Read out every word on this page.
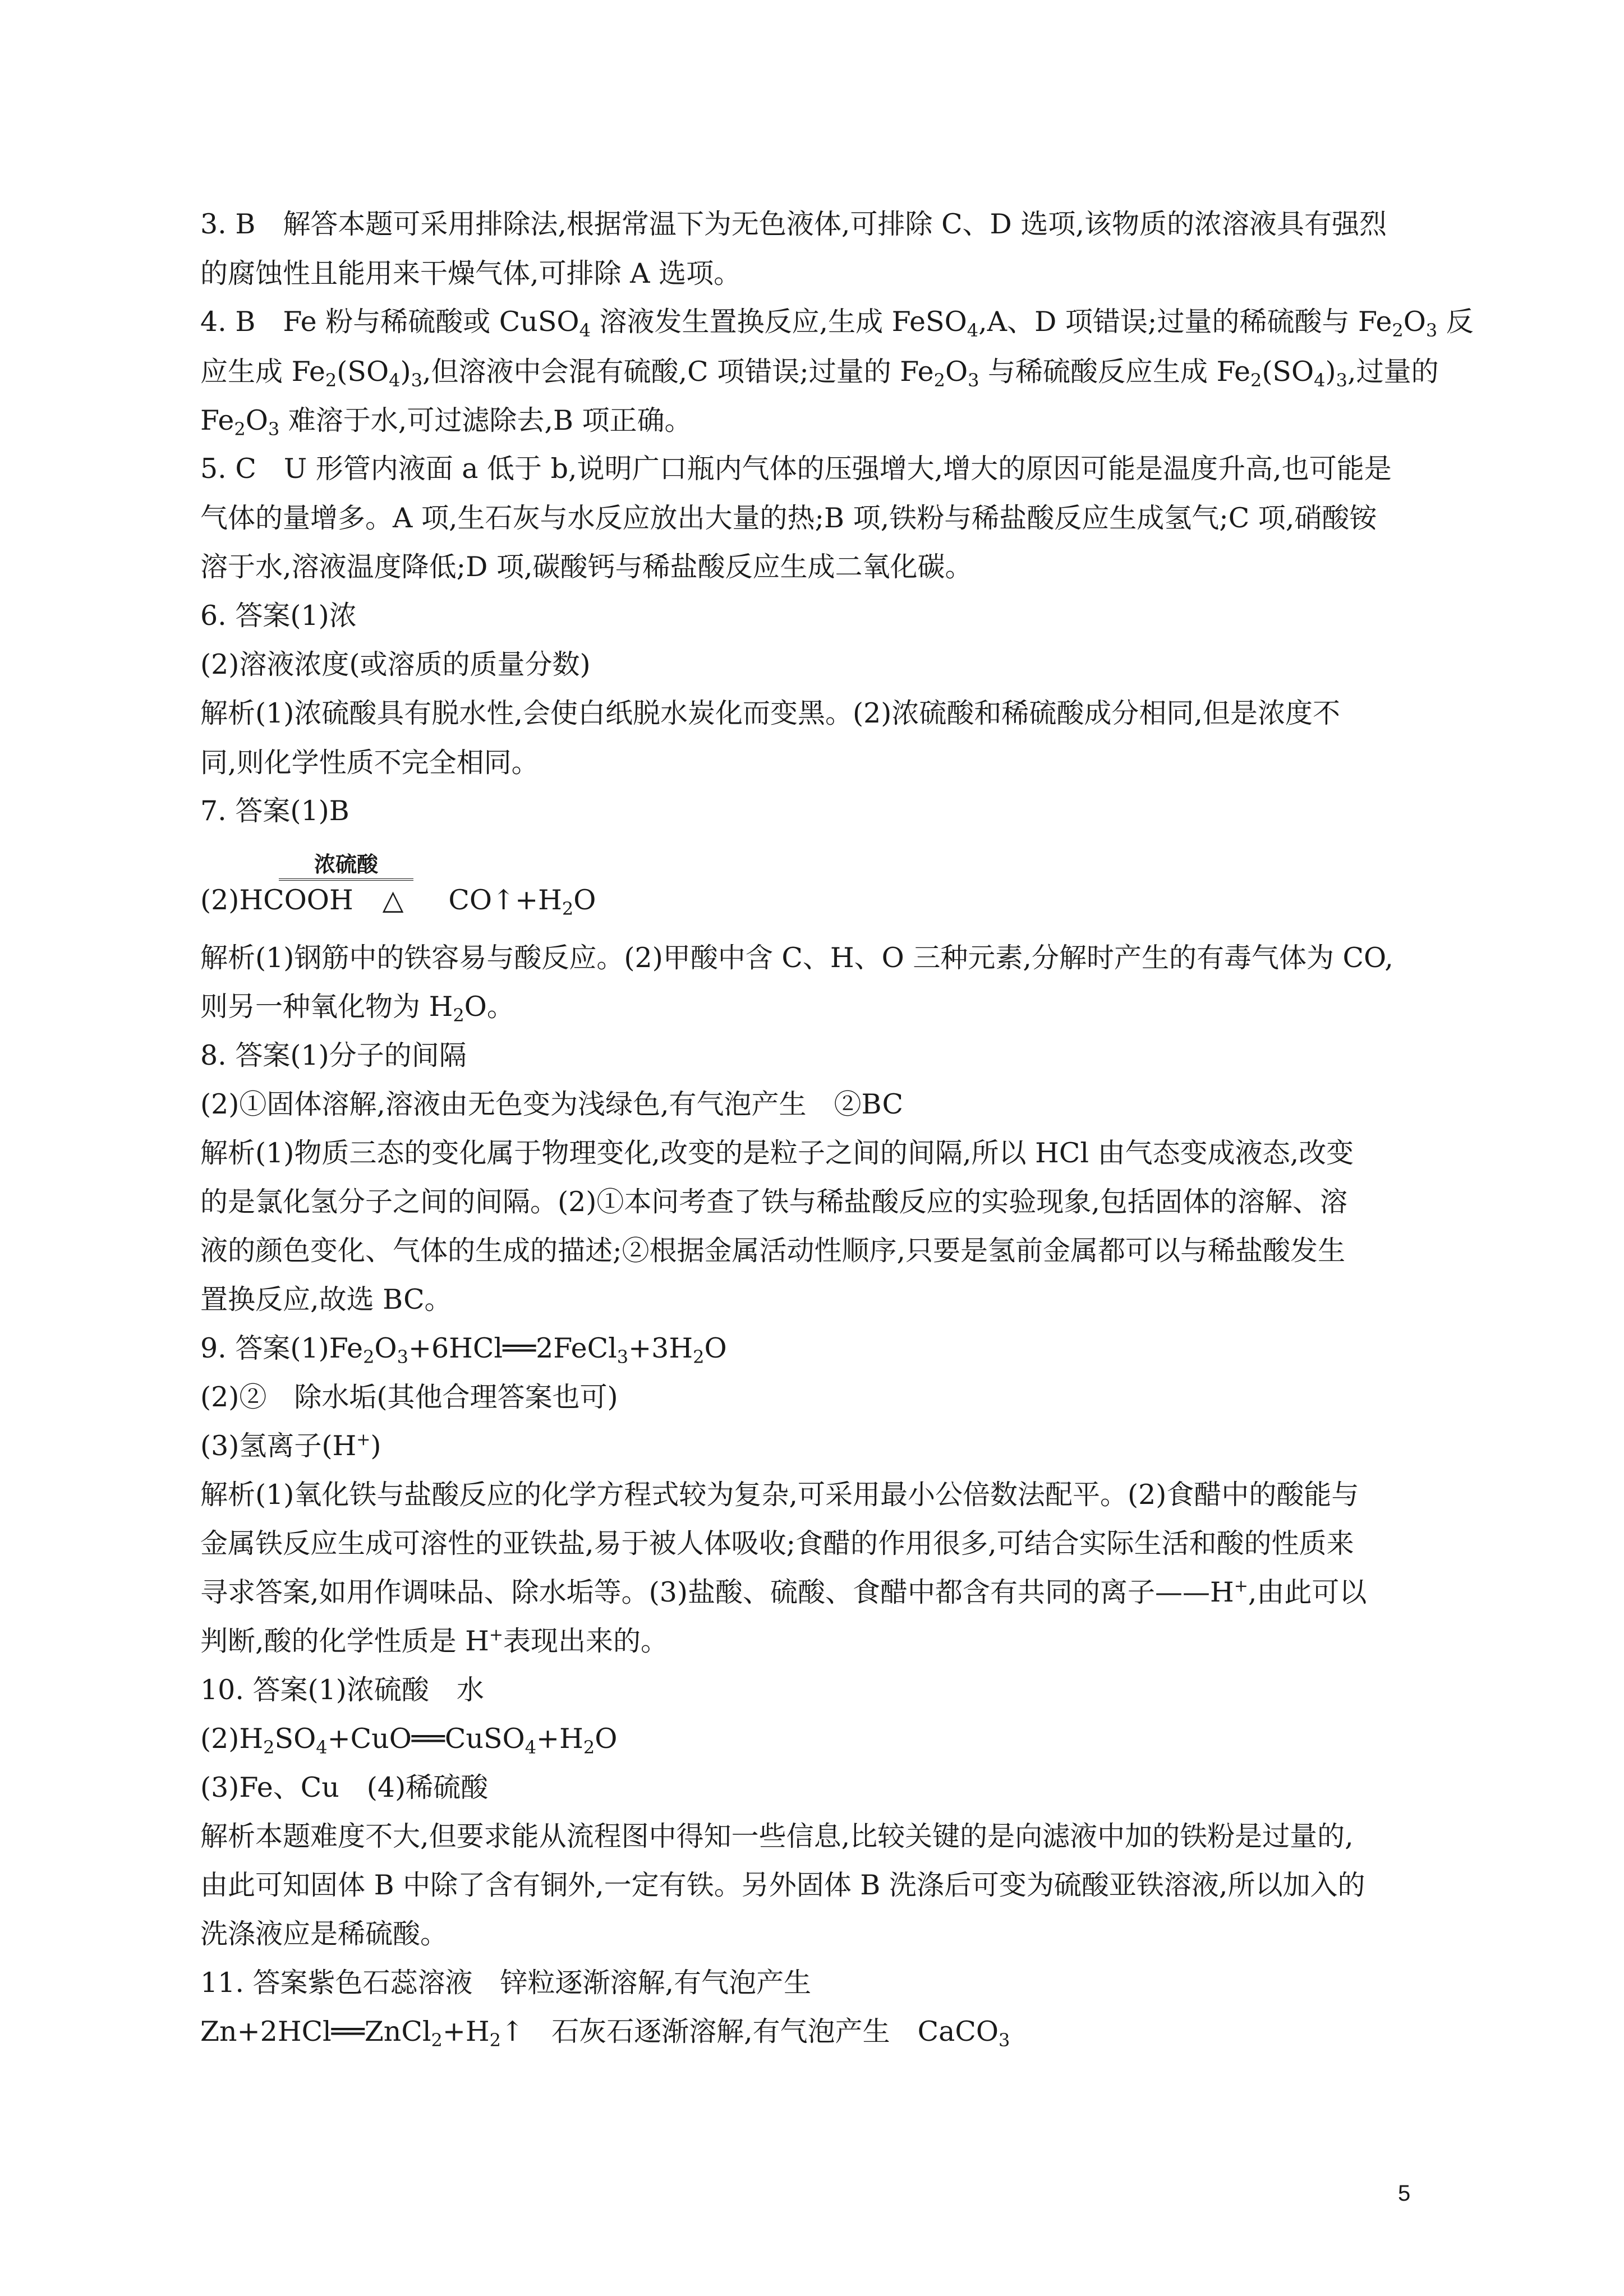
3. B　解答本题可采用排除法,根据常温下为无色液体,可排除 C、D 选项,该物质的浓溶液具有强烈
的腐蚀性且能用来干燥气体,可排除 A 选项。
4. B　Fe 粉与稀硫酸或 CuSO$_4$ 溶液发生置换反应,生成 FeSO$_4$,A、D 项错误;过量的稀硫酸与 $Fe_2O_3$ 反
应生成 $Fe_2(SO_4)_3$,但溶液中会混有硫酸,C 项错误;过量的 $Fe_2O_3$ 与稀硫酸反应生成 $Fe_2(SO_4)_3$,过量的
$Fe_2O_3$ 难溶于水,可过滤除去,B 项正确。
5. C　U 形管内液面 a 低于 b,说明广口瓶内气体的压强增大,增大的原因可能是温度升高,也可能是
气体的量增多。A 项,生石灰与水反应放出大量的热;B 项,铁粉与稀盐酸反应生成氢气;C 项,硝酸铵
溶于水,溶液温度降低;D 项,碳酸钙与稀盐酸反应生成二氧化碳。
6. 答案(1)浓
(2)溶液浓度(或溶质的质量分数)
解析(1)浓硫酸具有脱水性,会使白纸脱水炭化而变黑。(2)浓硫酸和稀硫酸成分相同,但是浓度不
同,则化学性质不完全相同。
7. 答案(1)B
浓硫酸
(2)HCOOH △ $CO↑+H_2O$
解析(1)钢筋中的铁容易与酸反应。(2)甲酸中含 C、H、O 三种元素,分解时产生的有毒气体为 CO,
则另一种氧化物为 $H_2O$。
8. 答案(1)分子的间隔
(2)①固体溶解,溶液由无色变为浅绿色,有气泡产生　②BC
解析(1)物质三态的变化属于物理变化,改变的是粒子之间的间隔,所以 HCl 由气态变成液态,改变
的是氯化氢分子之间的间隔。(2)①本问考查了铁与稀盐酸反应的实验现象,包括固体的溶解、溶
液的颜色变化、气体的生成的描述;②根据金属活动性顺序,只要是氢前金属都可以与稀盐酸发生
置换反应,故选 BC。
9. 答案$(1)Fe_2O_3+6HCl══2FeCl_3+3H_2O$
(2)②　除水垢(其他合理答案也可)
(3)氢离子(H+)
解析(1)氧化铁与盐酸反应的化学方程式较为复杂,可采用最小公倍数法配平。(2)食醋中的酸能与
金属铁反应生成可溶性的亚铁盐,易于被人体吸收;食醋的作用很多,可结合实际生活和酸的性质来
寻求答案,如用作调味品、除水垢等。(3)盐酸、硫酸、食醋中都含有共同的离子——H+,由此可以
判断,酸的化学性质是 H+表现出来的。
10. 答案(1)浓硫酸　水
$(2)H_2SO_4+CuO══CuSO_4+H_2O$
(3)Fe、Cu　(4)稀硫酸
解析本题难度不大,但要求能从流程图中得知一些信息,比较关键的是向滤液中加的铁粉是过量的,
由此可知固体 B 中除了含有铜外,一定有铁。另外固体 B 洗涤后可变为硫酸亚铁溶液,所以加入的
洗涤液应是稀硫酸。
11. 答案紫色石蕊溶液　锌粒逐渐溶解,有气泡产生
$Zn+2HCl══ZnCl_2+H_2↑$　石灰石逐渐溶解,有气泡产生　CaCO$_3$
5
